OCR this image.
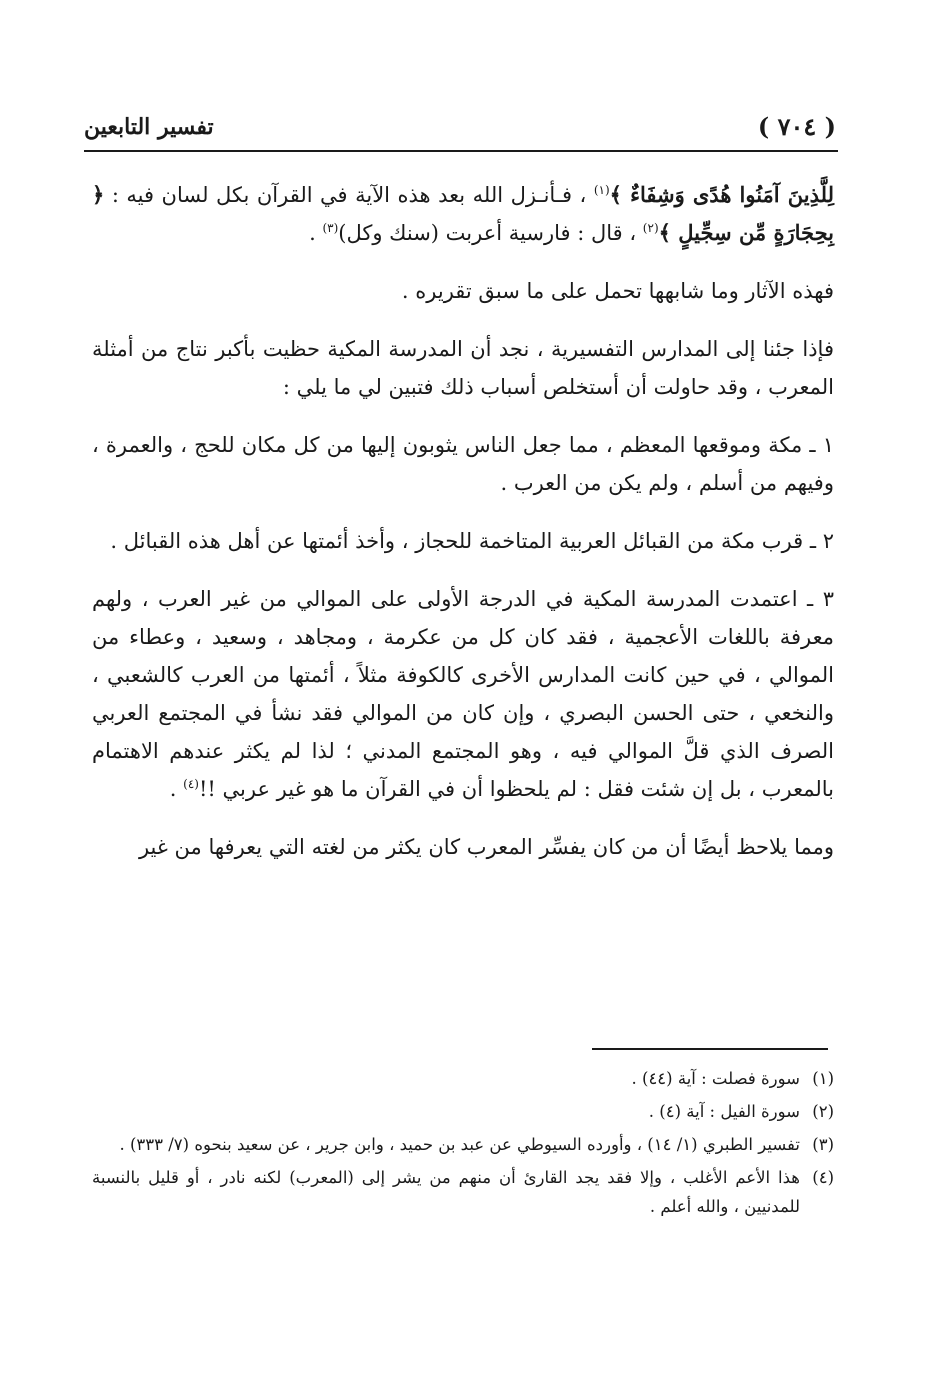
( ٧٠٤ )
تفسير التابعين

لِلَّذِينَ آمَنُوا هُدًى وَشِفَاءٌ ﴾$^{(١)}$ ، فـأنـزل الله بعد هذه الآية في القرآن بكل لسان فيه : ﴿ بِحِجَارَةٍ مِّن سِجِّيلٍ ﴾$^{(٢)}$ ، قال : فارسية أعربت (سنك وكل)$^{(٣)}$ .

فهذه الآثار وما شابهها تحمل على ما سبق تقريره .

فإذا جئنا إلى المدارس التفسيرية ، نجد أن المدرسة المكية حظيت بأكبر نتاج من أمثلة المعرب ، وقد حاولت أن أستخلص أسباب ذلك فتبين لي ما يلي :

١ ـ مكة وموقعها المعظم ، مما جعل الناس يثوبون إليها من كل مكان للحج ، والعمرة ، وفيهم من أسلم ، ولم يكن من العرب .

٢ ـ قرب مكة من القبائل العربية المتاخمة للحجاز ، وأخذ أئمتها عن أهل هذه القبائل .

٣ ـ اعتمدت المدرسة المكية في الدرجة الأولى على الموالي من غير العرب ، ولهم معرفة باللغات الأعجمية ، فقد كان كل من عكرمة ، ومجاهد ، وسعيد ، وعطاء من الموالي ، في حين كانت المدارس الأخرى كالكوفة مثلاً ، أئمتها من العرب كالشعبي ، والنخعي ، حتى الحسن البصري ، وإن كان من الموالي فقد نشأ في المجتمع العربي الصرف الذي قلَّ الموالي فيه ، وهو المجتمع المدني ؛ لذا لم يكثر عندهم الاهتمام بالمعرب ، بل إن شئت فقل : لم يلحظوا أن في القرآن ما هو غير عربي !!$^{(٤)}$ .

ومما يلاحظ أيضًا أن من كان يفسِّر المعرب كان يكثر من لغته التي يعرفها من غير

(١)
سورة فصلت : آية (٤٤) .
(٢)
سورة الفيل : آية (٤) .
(٣)
تفسير الطبري (١/ ١٤) ، وأورده السيوطي عن عبد بن حميد ، وابن جرير ، عن سعيد بنحوه (٧/ ٣٣٣) .
(٤)
هذا الأعم الأغلب ، وإلا فقد يجد القارئ أن منهم من يشر إلى (المعرب) لكنه نادر ، أو قليل بالنسبة للمدنيين ، والله أعلم .
